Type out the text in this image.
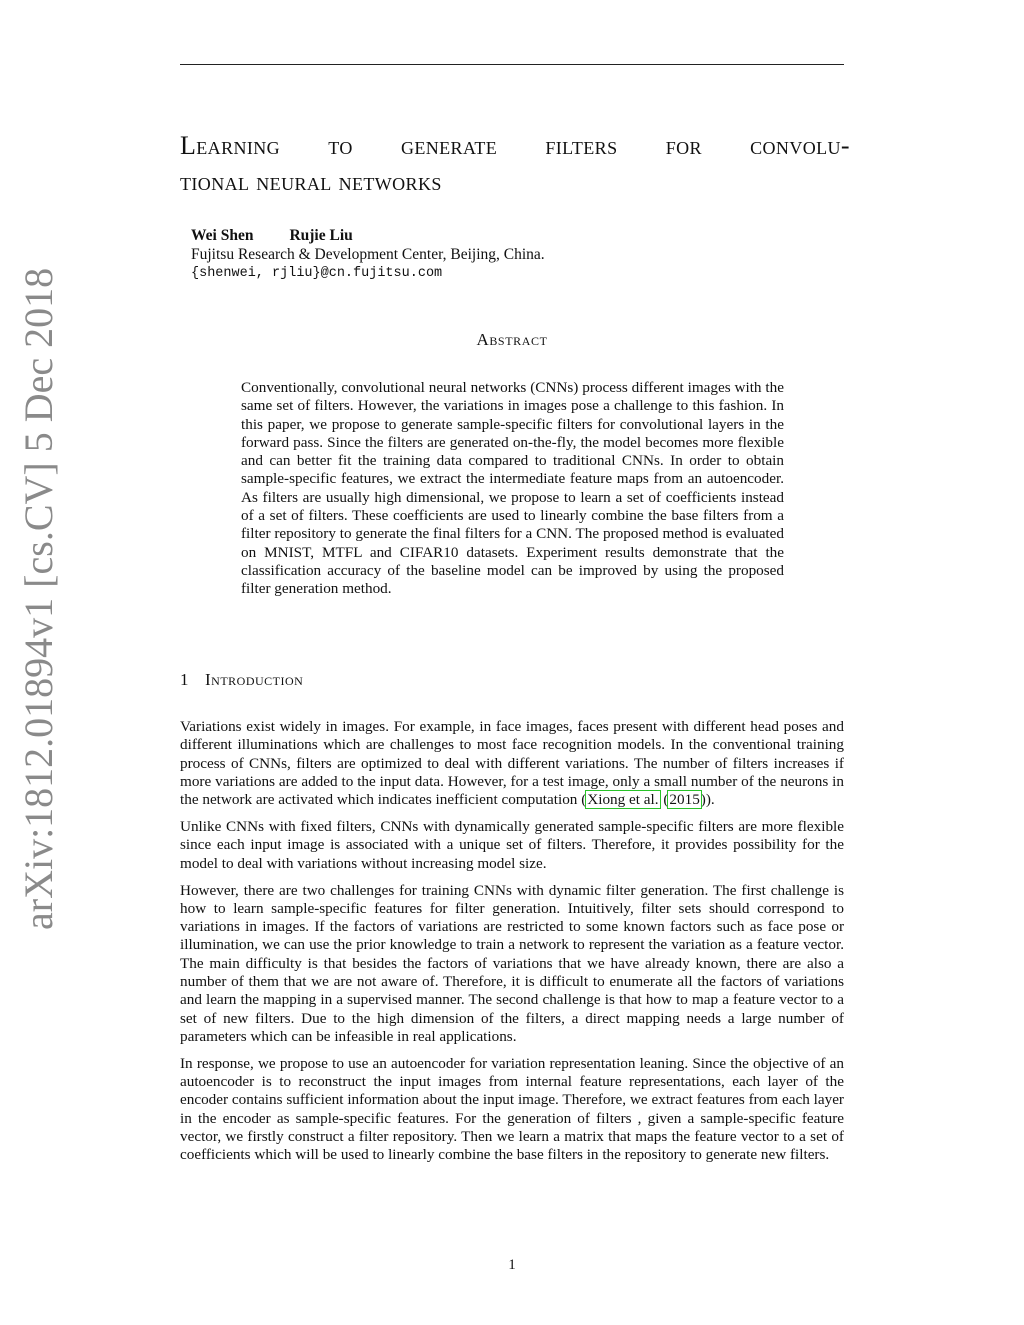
arXiv:1812.01894v1 [cs.CV] 5 Dec 2018
Learning to generate filters for convolu-
tional neural networks
Wei Shen Rujie Liu
Fujitsu Research & Development Center, Beijing, China.
{shenwei, rjliu}@cn.fujitsu.com
Abstract

Conventionally, convolutional neural networks (CNNs) process different images with the same set of filters. However, the variations in images pose a challenge to this fashion. In this paper, we propose to generate sample-specific filters for convolutional layers in the forward pass. Since the filters are generated on-the-fly, the model becomes more flexible and can better fit the training data compared to traditional CNNs. In order to obtain sample-specific features, we extract the intermediate feature maps from an autoencoder. As filters are usually high dimensional, we propose to learn a set of coefficients instead of a set of filters. These coefficients are used to linearly combine the base filters from a filter repository to generate the final filters for a CNN. The proposed method is evaluated on MNIST, MTFL and CIFAR10 datasets. Experiment results demonstrate that the classification accuracy of the baseline model can be improved by using the proposed filter generation method.

1 Introduction

Variations exist widely in images. For example, in face images, faces present with different head poses and different illuminations which are challenges to most face recognition models. In the conventional training process of CNNs, filters are optimized to deal with different variations. The number of filters increases if more variations are added to the input data. However, for a test image, only a small number of the neurons in the network are activated which indicates inefficient computation (Xiong et al. (2015)).

Unlike CNNs with fixed filters, CNNs with dynamically generated sample-specific filters are more flexible since each input image is associated with a unique set of filters. Therefore, it provides possibility for the model to deal with variations without increasing model size.

However, there are two challenges for training CNNs with dynamic filter generation. The first challenge is how to learn sample-specific features for filter generation. Intuitively, filter sets should correspond to variations in images. If the factors of variations are restricted to some known factors such as face pose or illumination, we can use the prior knowledge to train a network to represent the variation as a feature vector. The main difficulty is that besides the factors of variations that we have already known, there are also a number of them that we are not aware of. Therefore, it is difficult to enumerate all the factors of variations and learn the mapping in a supervised manner. The second challenge is that how to map a feature vector to a set of new filters. Due to the high dimension of the filters, a direct mapping needs a large number of parameters which can be infeasible in real applications.

In response, we propose to use an autoencoder for variation representation leaning. Since the objective of an autoencoder is to reconstruct the input images from internal feature representations, each layer of the encoder contains sufficient information about the input image. Therefore, we extract features from each layer in the encoder as sample-specific features. For the generation of filters , given a sample-specific feature vector, we firstly construct a filter repository. Then we learn a matrix that maps the feature vector to a set of coefficients which will be used to linearly combine the base filters in the repository to generate new filters.

1
